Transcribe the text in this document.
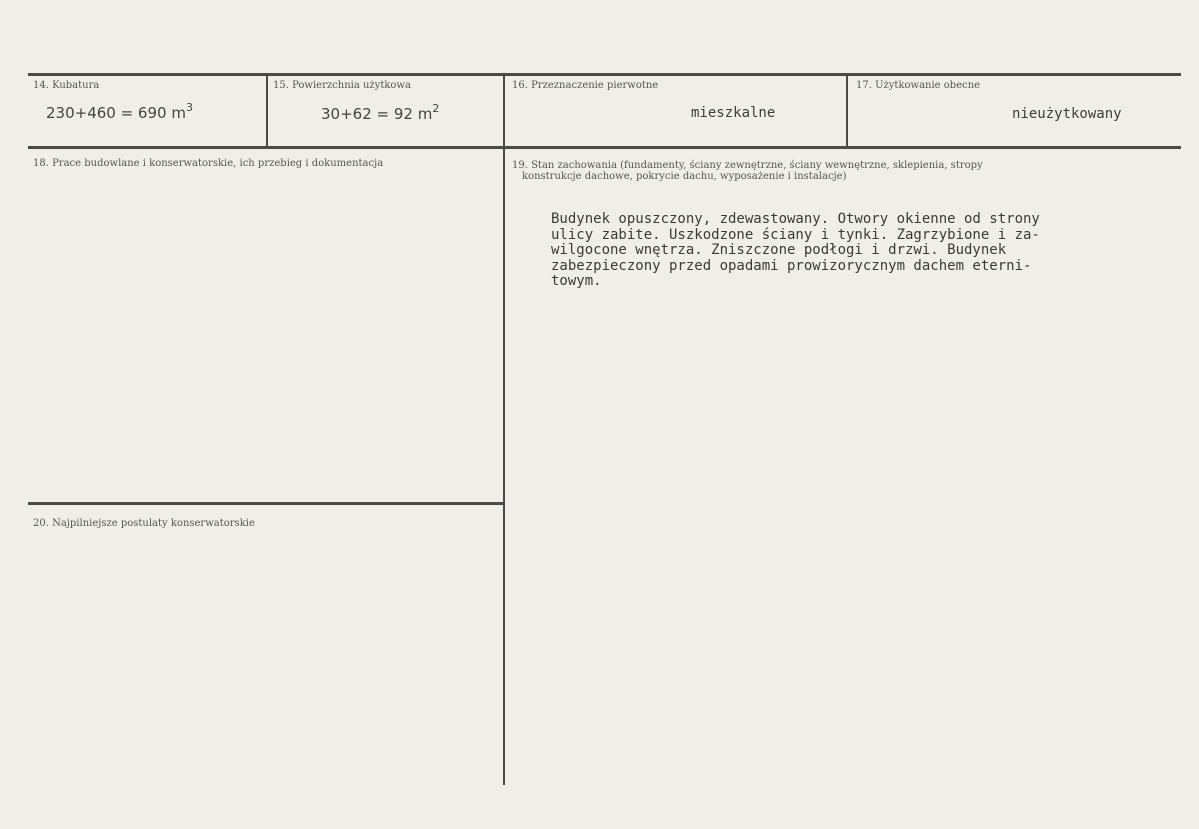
14. Kubatura
230+460 = 690 $m^3$
15. Powierzchnia użytkowa
30+62 = 92 $m^2$
16. Przeznaczenie pierwotne
mieszkalne
17. Użytkowanie obecne
nieużytkowany
18. Prace budowlane i konserwatorskie, ich przebieg i dokumentacja	19. Stan zachowania (fundamenty, ściany zewnętrzne, ściany wewnętrzne, sklepienia, stropy
konstrukcje dachowe, pokrycie dachu, wyposażenie i instalacje)
Budynek opuszczony, zdewastowany. Otwory okienne od strony
ulicy zabite. Uszkodzone ściany i tynki. Zagrzybione i za-
wilgocone wnętrza. Zniszczone podłogi i drzwi. Budynek
zabezpieczony przed opadami prowizorycznym dachem eterni-
towym.
20. Najpilniejsze postulaty konserwatorskie
